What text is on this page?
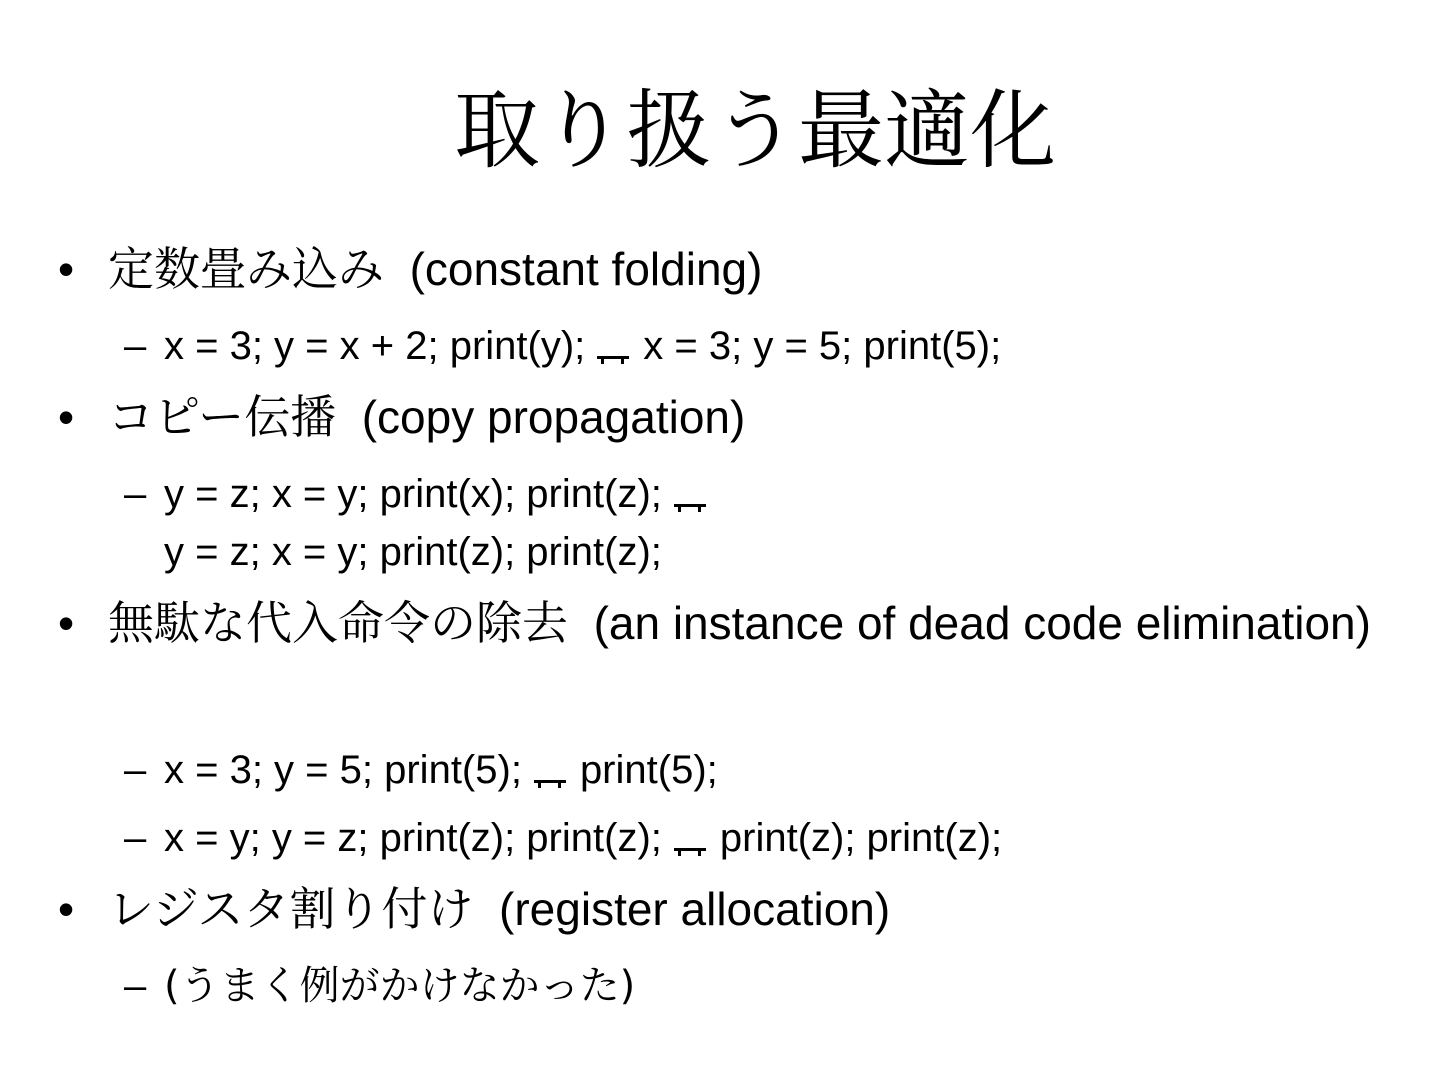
取り扱う最適化
• 定数畳み込み (constant folding)
– x = 3; y = x + 2; print(y); x = 3; y = 5; print(5);
• コピー伝播 (copy propagation)
– y = z; x = y; print(x); print(z);
y = z; x = y; print(z); print(z);
• 無駄な代入命令の除去 (an instance of dead code elimination)
– x = 3; y = 5; print(5); print(5);
– x = y; y = z; print(z); print(z); print(z); print(z);
• レジスタ割り付け (register allocation)
– (うまく例がかけなかった)
